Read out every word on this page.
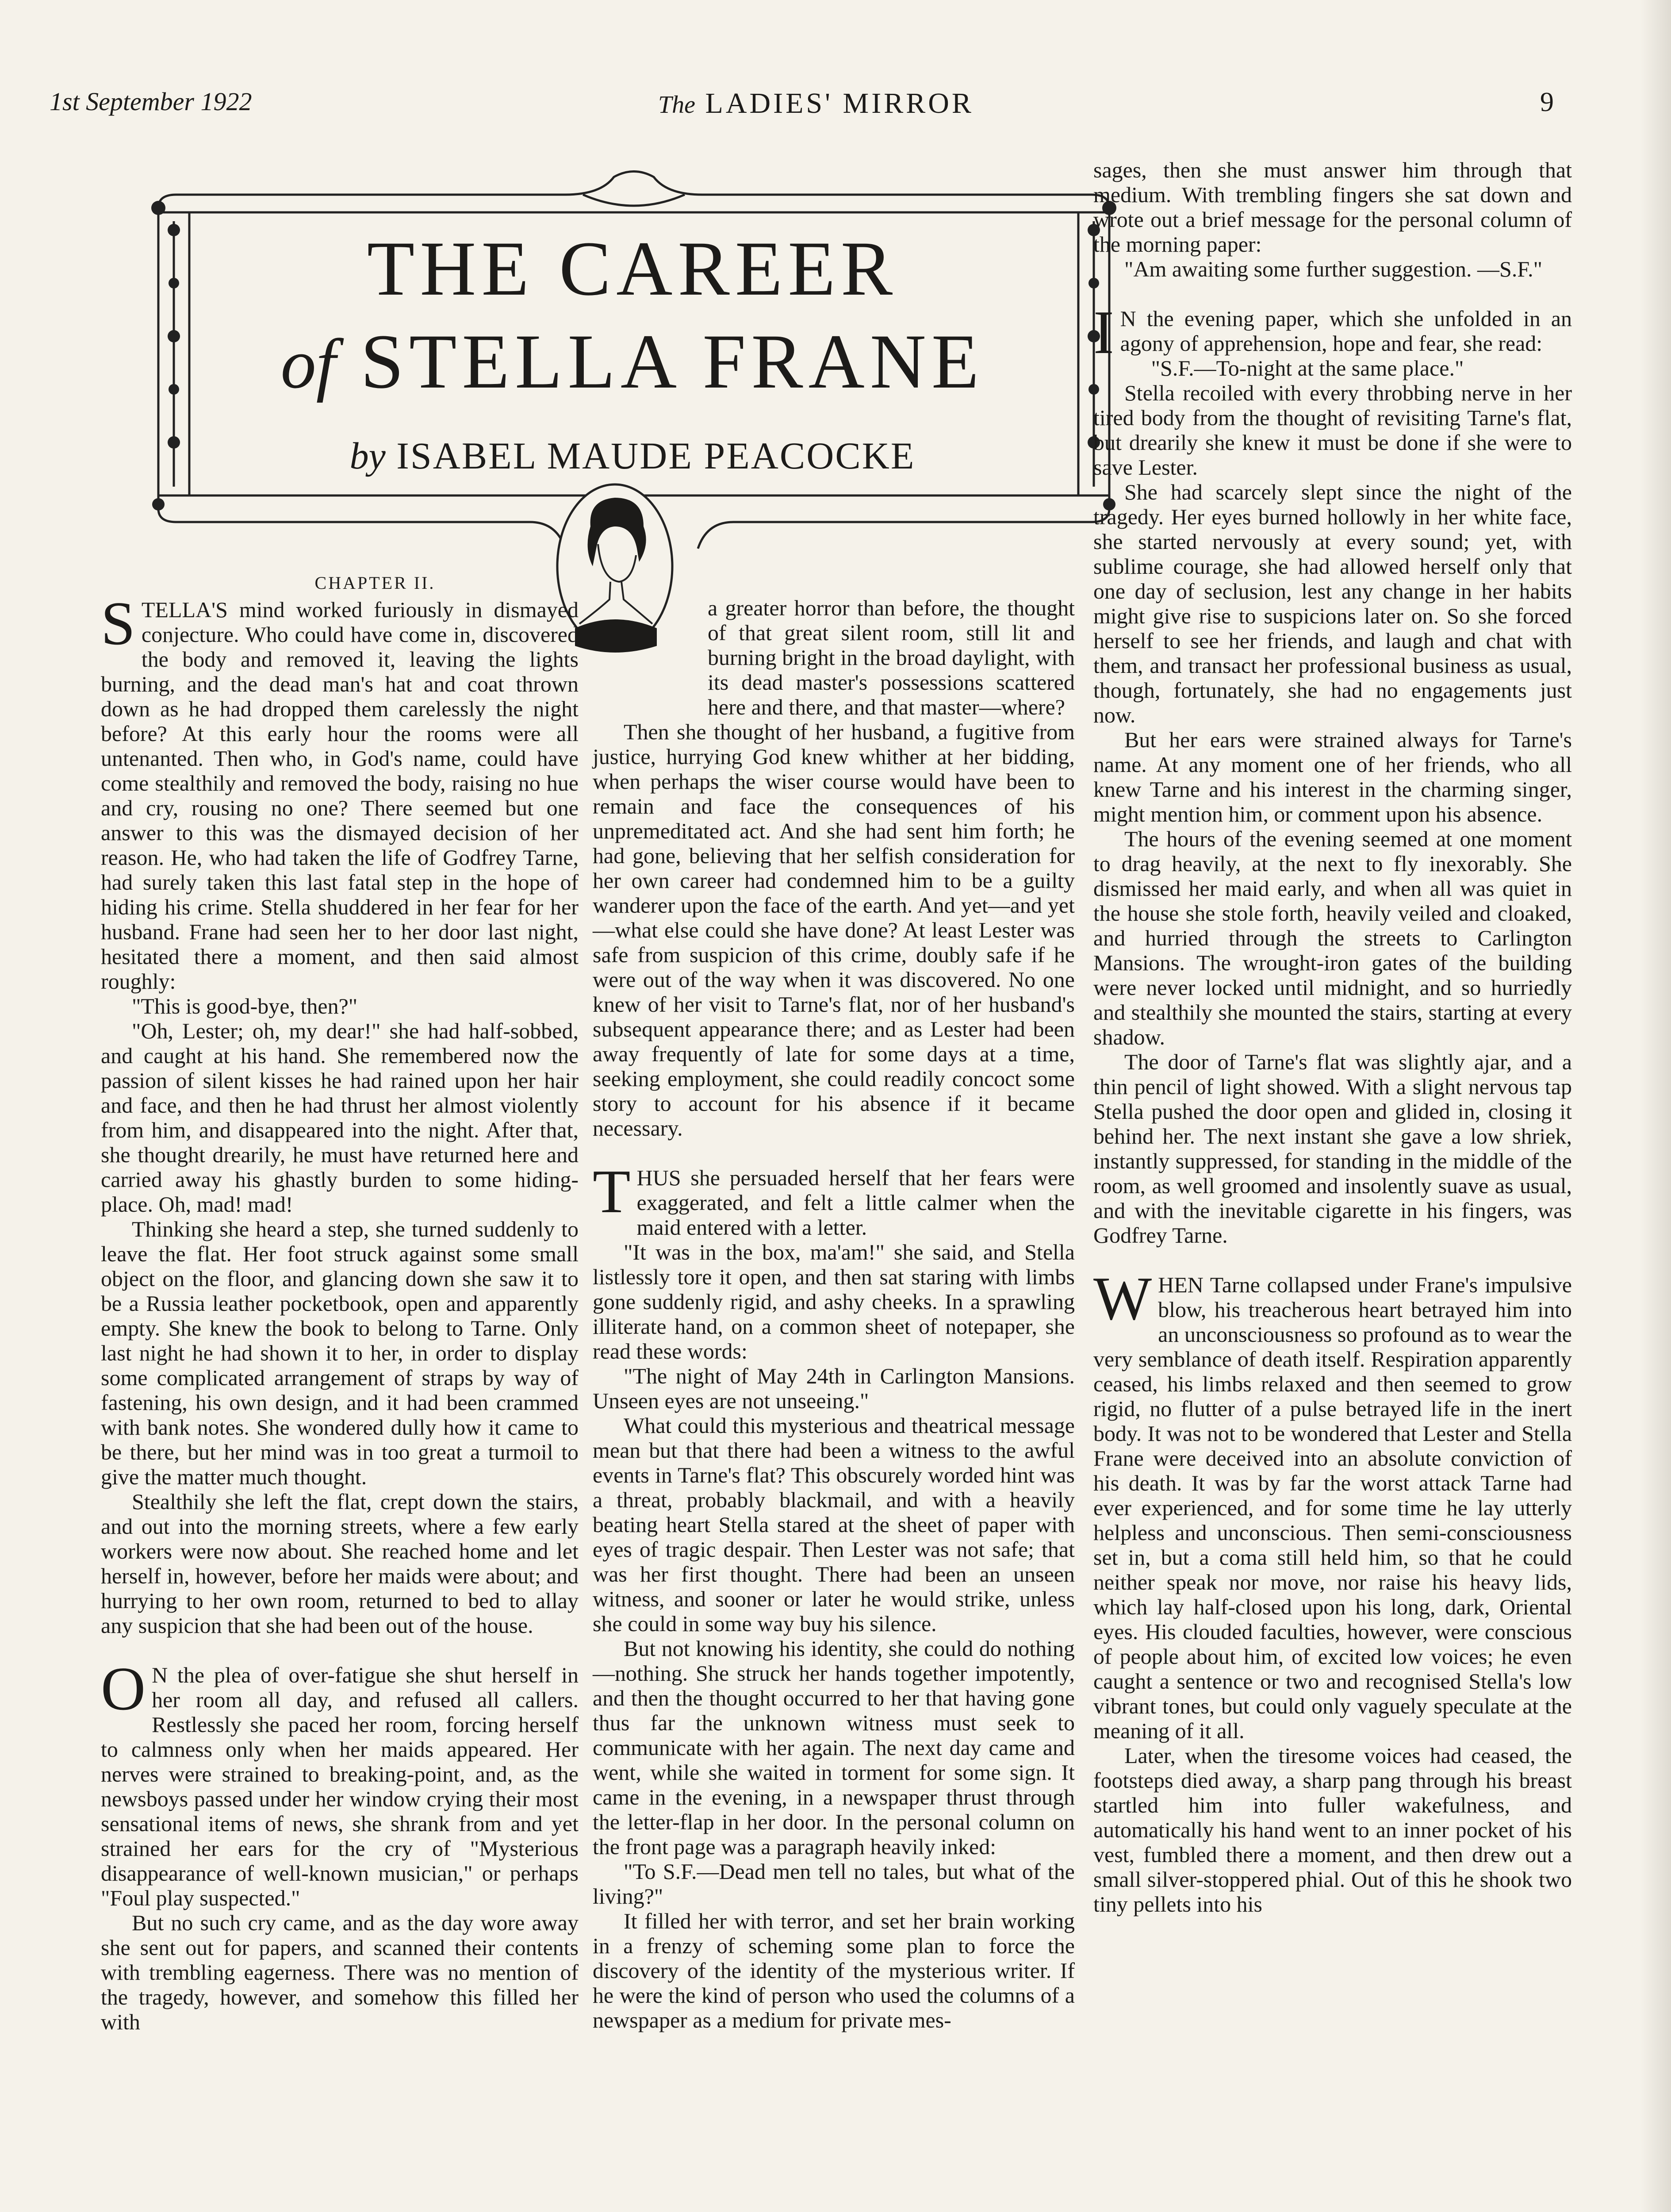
1st September 1922	The LADIES' MIRROR	9
THE CAREER
of STELLA FRANE
by ISABEL MAUDE PEACOCKE

CHAPTER II.

STELLA'S mind worked furiously in dismayed conjecture. Who could have come in, discovered the body and removed it, leaving the lights burning, and the dead man's hat and coat thrown down as he had dropped them carelessly the night before? At this early hour the rooms were all untenanted. Then who, in God's name, could have come stealthily and removed the body, raising no hue and cry, rousing no one? There seemed but one answer to this was the dismayed decision of her reason. He, who had taken the life of Godfrey Tarne, had surely taken this last fatal step in the hope of hiding his crime. Stella shuddered in her fear for her husband. Frane had seen her to her door last night, hesitated there a moment, and then said almost roughly:

"This is good-bye, then?"

"Oh, Lester; oh, my dear!" she had half-sobbed, and caught at his hand. She remembered now the passion of silent kisses he had rained upon her hair and face, and then he had thrust her almost violently from him, and disappeared into the night. After that, she thought drearily, he must have returned here and carried away his ghastly burden to some hiding-place. Oh, mad! mad!

Thinking she heard a step, she turned suddenly to leave the flat. Her foot struck against some small object on the floor, and glancing down she saw it to be a Russia leather pocketbook, open and apparently empty. She knew the book to belong to Tarne. Only last night he had shown it to her, in order to display some complicated arrangement of straps by way of fastening, his own design, and it had been crammed with bank notes. She wondered dully how it came to be there, but her mind was in too great a turmoil to give the matter much thought.

Stealthily she left the flat, crept down the stairs, and out into the morning streets, where a few early workers were now about. She reached home and let herself in, however, before her maids were about; and hurrying to her own room, returned to bed to allay any suspicion that she had been out of the house.

O N the plea of over-fatigue she shut herself in her room all day, and refused all callers. Restlessly she paced her room, forcing herself to calmness only when her maids appeared. Her nerves were strained to breaking-point, and, as the newsboys passed under her window crying their most sensational items of news, she shrank from and yet strained her ears for the cry of "Mysterious disappearance of well-known musician," or perhaps "Foul play suspected."

But no such cry came, and as the day wore away she sent out for papers, and scanned their contents with trembling eagerness. There was no mention of the tragedy, however, and somehow this filled her with

a greater horror than before, the thought of that great silent room, still lit and burning bright in the broad daylight, with its dead master's possessions scattered here and there, and that master—where?

Then she thought of her husband, a fugitive from justice, hurrying God knew whither at her bidding, when perhaps the wiser course would have been to remain and face the consequences of his unpremeditated act. And she had sent him forth; he had gone, believing that her selfish consideration for her own career had condemned him to be a guilty wanderer upon the face of the earth. And yet—and yet—what else could she have done? At least Lester was safe from suspicion of this crime, doubly safe if he were out of the way when it was discovered. No one knew of her visit to Tarne's flat, nor of her husband's subsequent appearance there; and as Lester had been away frequently of late for some days at a time, seeking employment, she could readily concoct some story to account for his absence if it became necessary.

THUS she persuaded herself that her fears were exaggerated, and felt a little calmer when the maid entered with a letter.

"It was in the box, ma'am!" she said, and Stella listlessly tore it open, and then sat staring with limbs gone suddenly rigid, and ashy cheeks. In a sprawling illiterate hand, on a common sheet of notepaper, she read these words:

"The night of May 24th in Carlington Mansions. Unseen eyes are not unseeing."

What could this mysterious and theatrical message mean but that there had been a witness to the awful events in Tarne's flat? This obscurely worded hint was a threat, probably blackmail, and with a heavily beating heart Stella stared at the sheet of paper with eyes of tragic despair. Then Lester was not safe; that was her first thought. There had been an unseen witness, and sooner or later he would strike, unless she could in some way buy his silence.

But not knowing his identity, she could do nothing—nothing. She struck her hands together impotently, and then the thought occurred to her that having gone thus far the unknown witness must seek to communicate with her again. The next day came and went, while she waited in torment for some sign. It came in the evening, in a newspaper thrust through the letter-flap in her door. In the personal column on the front page was a paragraph heavily inked:

"To S.F.—Dead men tell no tales, but what of the living?"

It filled her with terror, and set her brain working in a frenzy of scheming some plan to force the discovery of the identity of the mysterious writer. If he were the kind of person who used the columns of a newspaper as a medium for private mes-

sages, then she must answer him through that medium. With trembling fingers she sat down and wrote out a brief message for the personal column of the morning paper:

"Am awaiting some further suggestion. —S.F."

I N the evening paper, which she unfolded in an agony of apprehension, hope and fear, she read:

"S.F.—To-night at the same place."

Stella recoiled with every throbbing nerve in her tired body from the thought of revisiting Tarne's flat, but drearily she knew it must be done if she were to save Lester.

She had scarcely slept since the night of the tragedy. Her eyes burned hollowly in her white face, she started nervously at every sound; yet, with sublime courage, she had allowed herself only that one day of seclusion, lest any change in her habits might give rise to suspicions later on. So she forced herself to see her friends, and laugh and chat with them, and transact her professional business as usual, though, fortunately, she had no engagements just now.

But her ears were strained always for Tarne's name. At any moment one of her friends, who all knew Tarne and his interest in the charming singer, might mention him, or comment upon his absence.

The hours of the evening seemed at one moment to drag heavily, at the next to fly inexorably. She dismissed her maid early, and when all was quiet in the house she stole forth, heavily veiled and cloaked, and hurried through the streets to Carlington Mansions. The wrought-iron gates of the building were never locked until midnight, and so hurriedly and stealthily she mounted the stairs, starting at every shadow.

The door of Tarne's flat was slightly ajar, and a thin pencil of light showed. With a slight nervous tap Stella pushed the door open and glided in, closing it behind her. The next instant she gave a low shriek, instantly suppressed, for standing in the middle of the room, as well groomed and insolently suave as usual, and with the inevitable cigarette in his fingers, was Godfrey Tarne.

WHEN Tarne collapsed under Frane's impulsive blow, his treacherous heart betrayed him into an unconsciousness so profound as to wear the very semblance of death itself. Respiration apparently ceased, his limbs relaxed and then seemed to grow rigid, no flutter of a pulse betrayed life in the inert body. It was not to be wondered that Lester and Stella Frane were deceived into an absolute conviction of his death. It was by far the worst attack Tarne had ever experienced, and for some time he lay utterly helpless and unconscious. Then semi-consciousness set in, but a coma still held him, so that he could neither speak nor move, nor raise his heavy lids, which lay half-closed upon his long, dark, Oriental eyes. His clouded faculties, however, were conscious of people about him, of excited low voices; he even caught a sentence or two and recognised Stella's low vibrant tones, but could only vaguely speculate at the meaning of it all.

Later, when the tiresome voices had ceased, the footsteps died away, a sharp pang through his breast startled him into fuller wakefulness, and automatically his hand went to an inner pocket of his vest, fumbled there a moment, and then drew out a small silver-stoppered phial. Out of this he shook two tiny pellets into his
